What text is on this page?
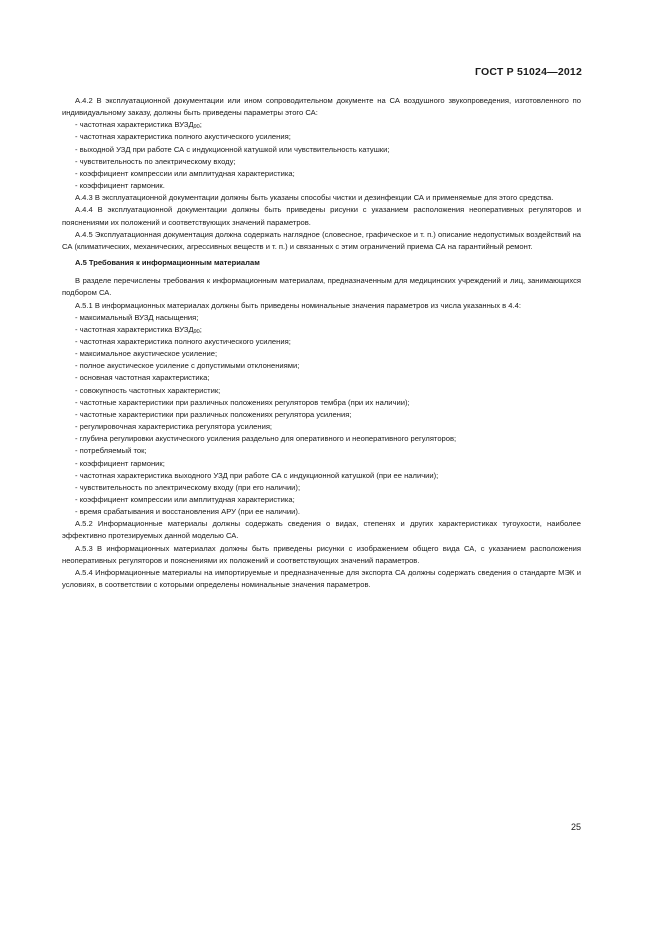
ГОСТ Р 51024—2012

А.4.2 В эксплуатационной документации или ином сопроводительном документе на СА воздушного звукопроведения, изготовленного по индивидуальному заказу, должны быть приведены параметры этого СА:

- частотная характеристика $ВУЗД_{90}$;
- частотная характеристика полного акустического усиления;
- выходной УЗД при работе СА с индукционной катушкой или чувствительность катушки;
- чувствительность по электрическому входу;
- коэффициент компрессии или амплитудная характеристика;
- коэффициент гармоник.

А.4.3 В эксплуатационной документации должны быть указаны способы чистки и дезинфекции СА и применяемые для этого средства.

А.4.4 В эксплуатационной документации должны быть приведены рисунки с указанием расположения неоперативных регуляторов и пояснениями их положений и соответствующих значений параметров.

А.4.5 Эксплуатационная документация должна содержать наглядное (словесное, графическое и т. п.) описание недопустимых воздействий на СА (климатических, механических, агрессивных веществ и т. п.) и связанных с этим ограничений приема СА на гарантийный ремонт.

А.5 Требования к информационным материалам

В разделе перечислены требования к информационным материалам, предназначенным для медицинских учреждений и лиц, занимающихся подбором СА.

А.5.1 В информационных материалах должны быть приведены номинальные значения параметров из числа указанных в 4.4:

- максимальный ВУЗД насыщения;
- частотная характеристика $ВУЗД_{90}$;
- частотная характеристика полного акустического усиления;
- максимальное акустическое усиление;
- полное акустическое усиление с допустимыми отклонениями;
- основная частотная характеристика;
- совокупность частотных характеристик;
- частотные характеристики при различных положениях регуляторов тембра (при их наличии);
- частотные характеристики при различных положениях регулятора усиления;
- регулировочная характеристика регулятора усиления;
- глубина регулировки акустического усиления раздельно для оперативного и неоперативного регуляторов;
- потребляемый ток;
- коэффициент гармоник;
- частотная характеристика выходного УЗД при работе СА с индукционной катушкой (при ее наличии);
- чувствительность по электрическому входу (при его наличии);
- коэффициент компрессии или амплитудная характеристика;
- время срабатывания и восстановления АРУ (при ее наличии).

А.5.2 Информационные материалы должны содержать сведения о видах, степенях и других характеристиках тугоухости, наиболее эффективно протезируемых данной моделью СА.

А.5.3 В информационных материалах должны быть приведены рисунки с изображением общего вида СА, с указанием расположения неоперативных регуляторов и пояснениями их положений и соответствующих значений параметров.

А.5.4 Информационные материалы на импортируемые и предназначенные для экспорта СА должны содержать сведения о стандарте МЭК и условиях, в соответствии с которыми определены номинальные значения параметров.

25
